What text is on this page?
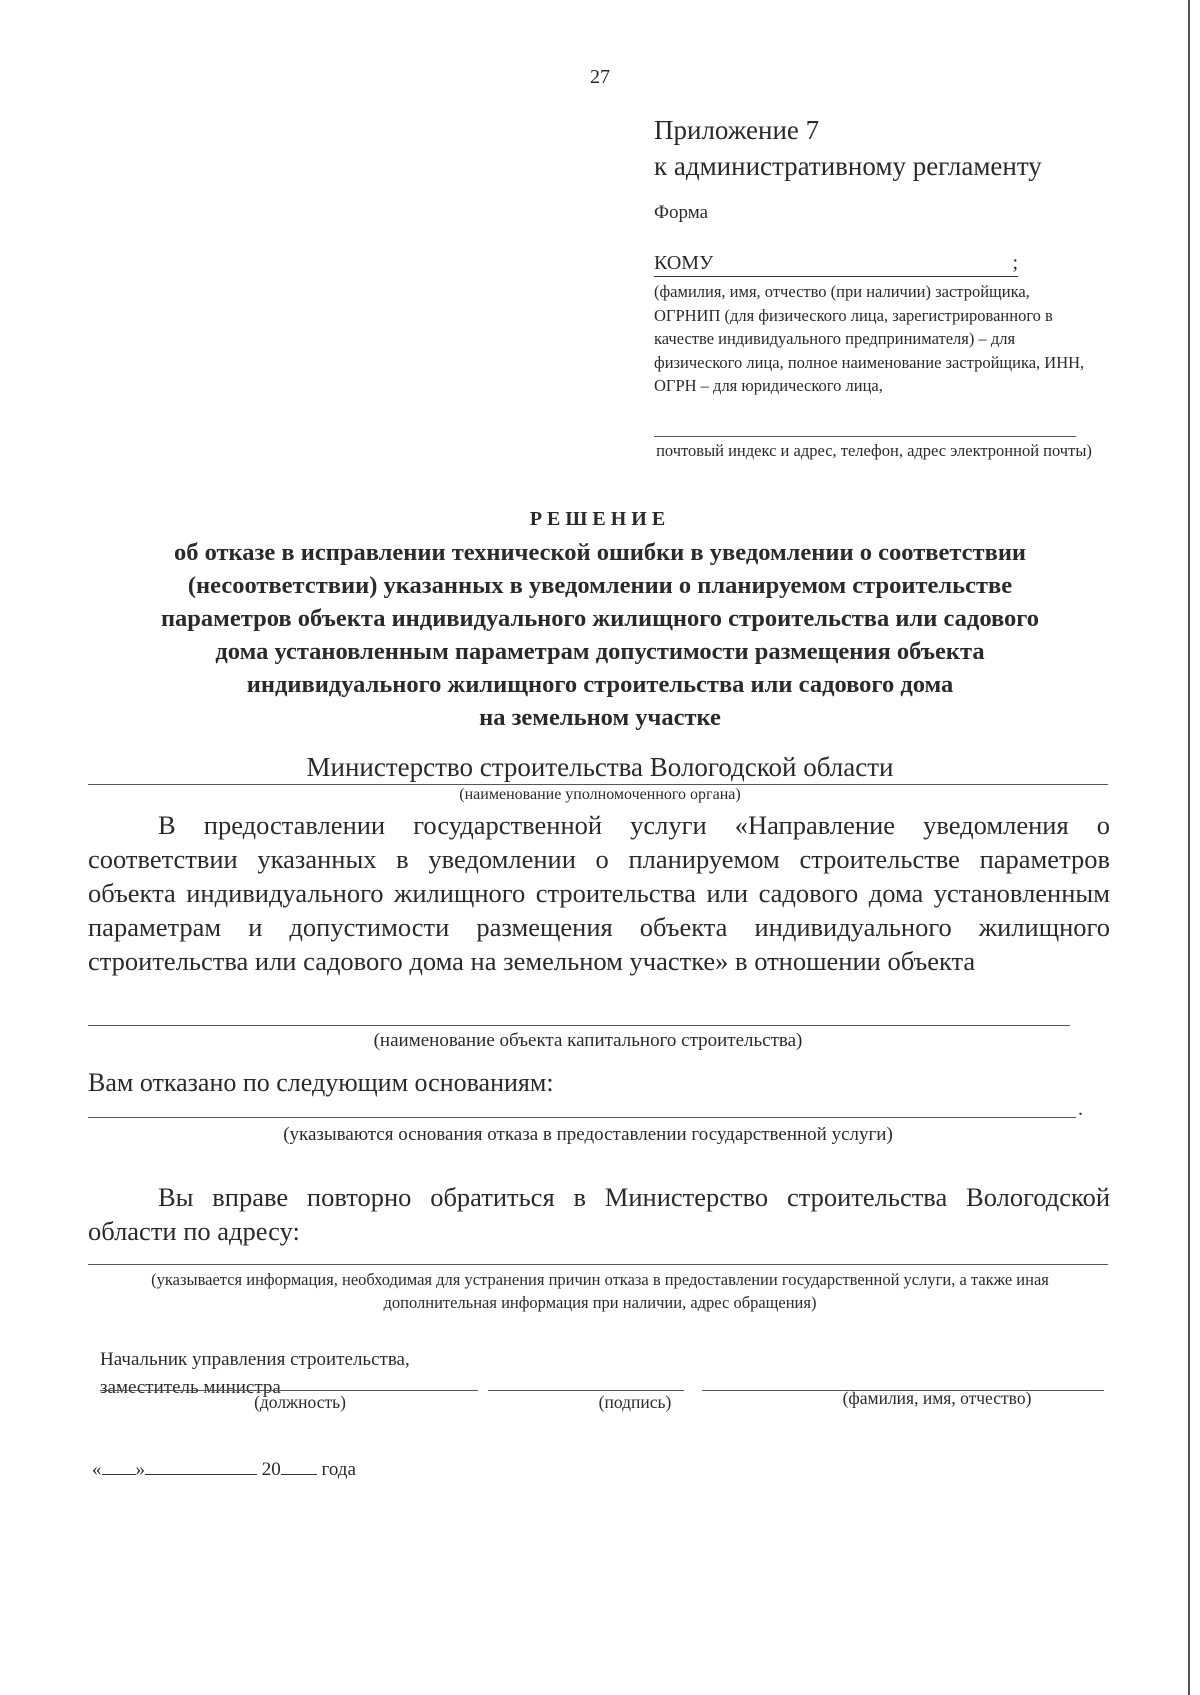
27
Приложение 7
к административному регламенту
Форма
КОМУ	;
(фамилия, имя, отчество (при наличии) застройщика, ОГРНИП (для физического лица, зарегистрированного в качестве индивидуального предпринимателя) – для физического лица, полное наименование застройщика, ИНН, ОГРН – для юридического лица,
почтовый индекс и адрес, телефон, адрес электронной почты)
РЕШЕНИЕ
об отказе в исправлении технической ошибки в уведомлении о соответствии
(несоответствии) указанных в уведомлении о планируемом строительстве
параметров объекта индивидуального жилищного строительства или садового
дома установленным параметрам допустимости размещения объекта
индивидуального жилищного строительства или садового дома
на земельном участке
Министерство строительства Вологодской области
(наименование уполномоченного органа)
В предоставлении государственной услуги «Направление уведомления о соответствии указанных в уведомлении о планируемом строительстве параметров объекта индивидуального жилищного строительства или садового дома установленным параметрам и допустимости размещения объекта индивидуального жилищного строительства или садового дома на земельном участке» в отношении объекта
(наименование объекта капитального строительства)
Вам отказано по следующим основаниям:
.
(указываются основания отказа в предоставлении государственной услуги)
Вы вправе повторно обратиться в Министерство строительства Вологодской области по адресу:
(указывается информация, необходимая для устранения причин отказа в предоставлении государственной услуги, а также иная дополнительная информация при наличии, адрес обращения)
Начальник управления строительства,
заместитель министра
(должность)	(подпись)	(фамилия, имя, отчество)
« »	20 года
